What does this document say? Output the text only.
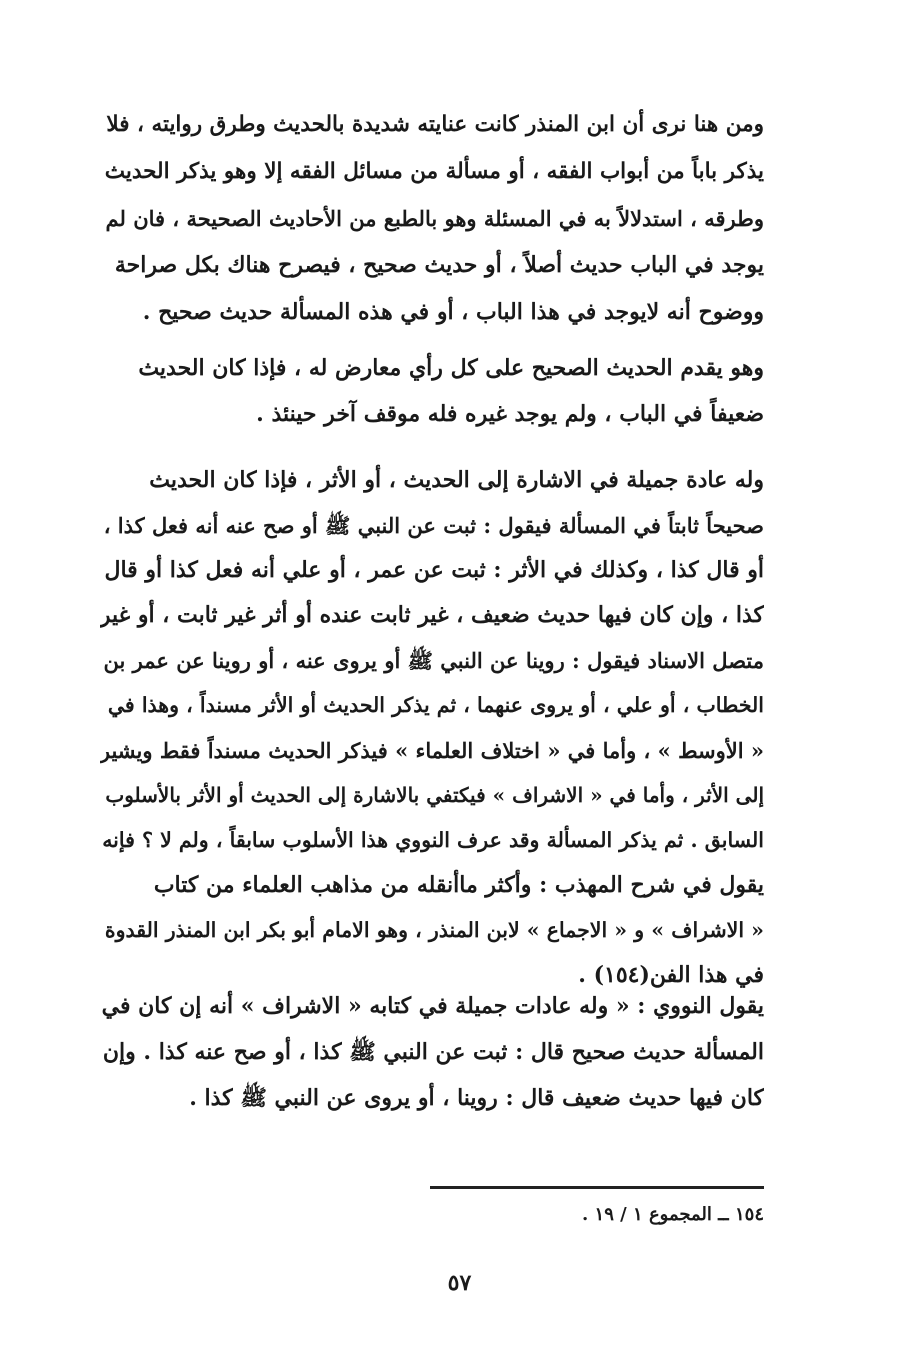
ومن هنا نرى أن ابن المنذر كانت عنايته شديدة بالحديث وطرق روايته ، فلا
يذكر باباً من أبواب الفقه ، أو مسألة من مسائل الفقه إلا وهو يذكر الحديث
وطرقه ، استدلالاً به في المسئلة وهو بالطبع من الأحاديث الصحيحة ، فان لم
يوجد في الباب حديث أصلاً ، أو حديث صحيح ، فيصرح هناك بكل صراحة
ووضوح أنه لايوجد في هذا الباب ، أو في هذه المسألة حديث صحيح .
وهو يقدم الحديث الصحيح على كل رأي معارض له ، فإذا كان الحديث
ضعيفاً في الباب ، ولم يوجد غيره فله موقف آخر حينئذ .
وله عادة جميلة في الاشارة إلى الحديث ، أو الأثر ، فإذا كان الحديث
صحيحاً ثابتاً في المسألة فيقول : ثبت عن النبي ﷺ أو صح عنه أنه فعل كذا ،
أو قال كذا ، وكذلك في الأثر : ثبت عن عمر ، أو علي أنه فعل كذا أو قال
كذا ، وإن كان فيها حديث ضعيف ، غير ثابت عنده أو أثر غير ثابت ، أو غير
متصل الاسناد فيقول : روينا عن النبي ﷺ أو يروى عنه ، أو روينا عن عمر بن
الخطاب ، أو علي ، أو يروى عنهما ، ثم يذكر الحديث أو الأثر مسنداً ، وهذا في
« الأوسط » ، وأما في « اختلاف العلماء » فيذكر الحديث مسنداً فقط ويشير
إلى الأثر ، وأما في « الاشراف » فيكتفي بالاشارة إلى الحديث أو الأثر بالأسلوب
السابق . ثم يذكر المسألة وقد عرف النووي هذا الأسلوب سابقاً ، ولم لا ؟ فإنه
يقول في شرح المهذب : وأكثر ماأنقله من مذاهب العلماء من كتاب
« الاشراف » و « الاجماع » لابن المنذر ، وهو الامام أبو بكر ابن المنذر القدوة
في هذا الفن(١٥٤) .
يقول النووي : « وله عادات جميلة في كتابه « الاشراف » أنه إن كان في
المسألة حديث صحيح قال : ثبت عن النبي ﷺ كذا ، أو صح عنه كذا . وإن
كان فيها حديث ضعيف قال : روينا ، أو يروى عن النبي ﷺ كذا .
١٥٤ ــ المجموع ١ / ١٩ .
٥٧
